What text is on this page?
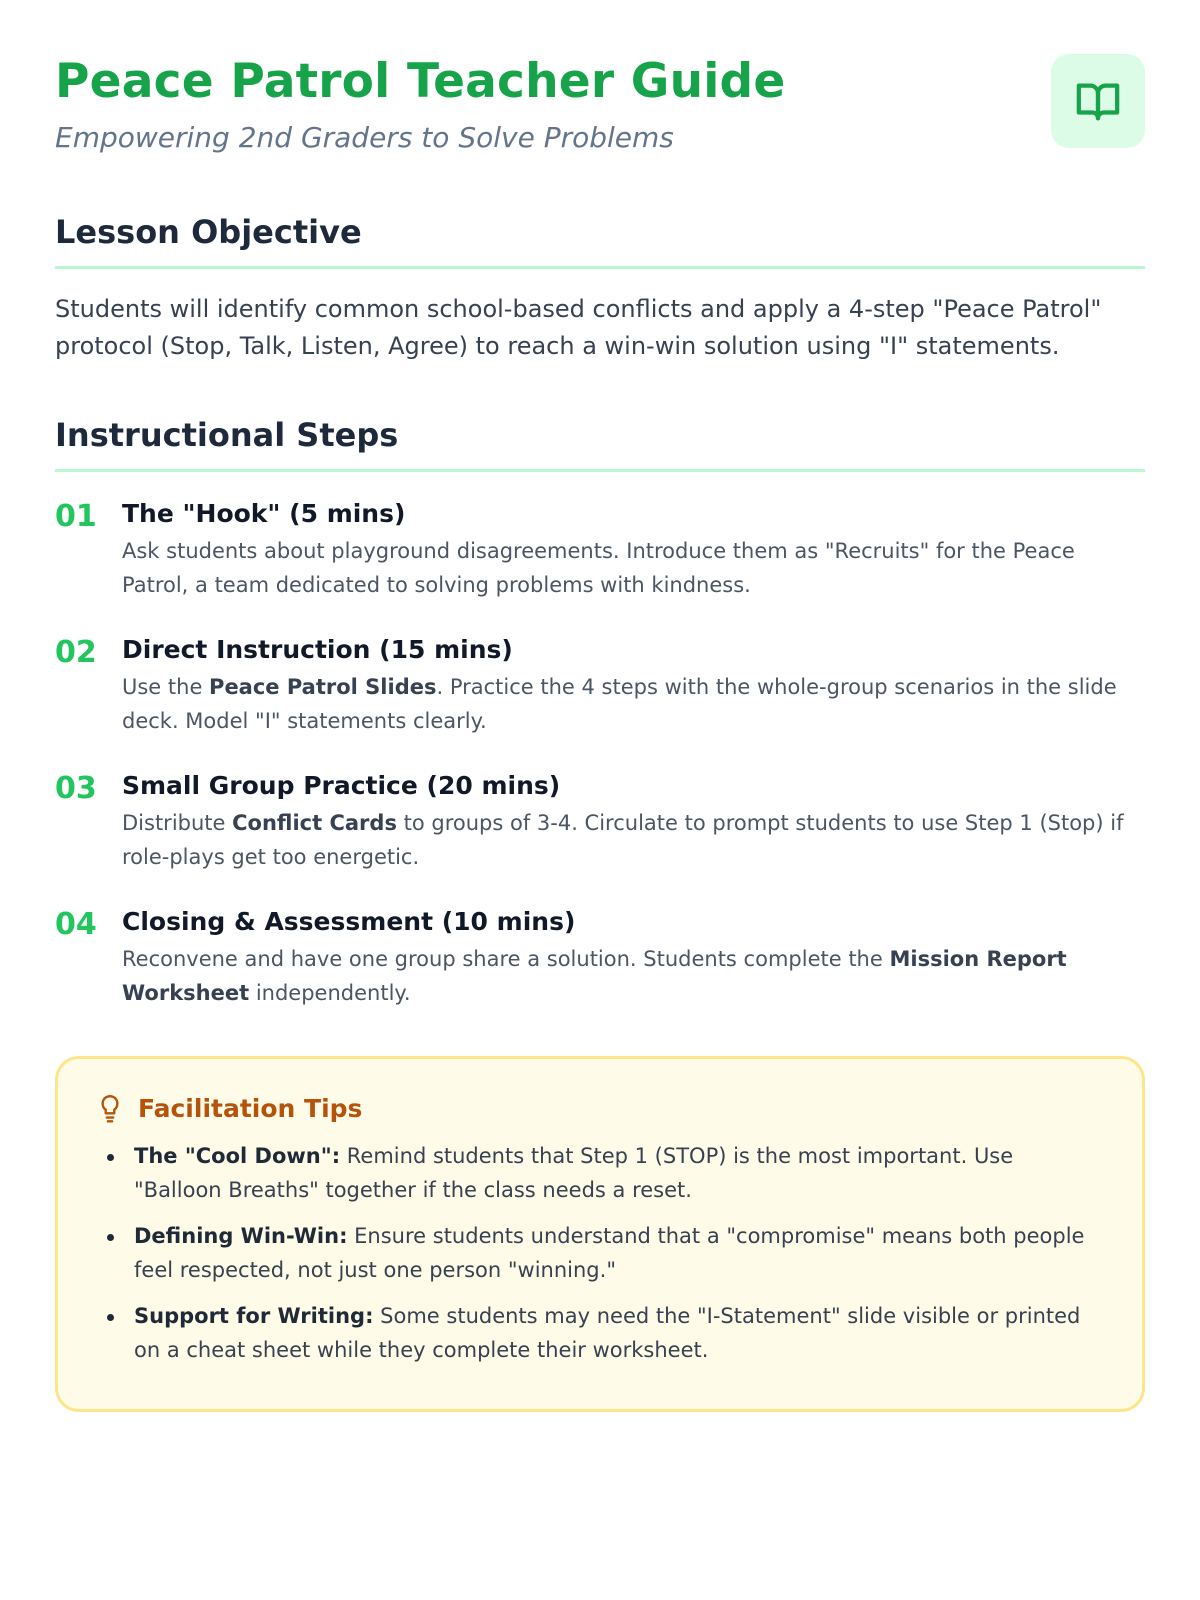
Peace Patrol Teacher Guide

Empowering 2nd Graders to Solve Problems

Lesson Objective

Students will identify common school-based conflicts and apply a 4-step "Peace Patrol" protocol (Stop, Talk, Listen, Agree) to reach a win-win solution using "I" statements.

Instructional Steps
01	The "Hook" (5 mins)

Ask students about playground disagreements. Introduce them as "Recruits" for the Peace Patrol, a team dedicated to solving problems with kindness.

02	Direct Instruction (15 mins)

Use the Peace Patrol Slides. Practice the 4 steps with the whole-group scenarios in the slide deck. Model "I" statements clearly.

03	Small Group Practice (20 mins)

Distribute Conflict Cards to groups of 3-4. Circulate to prompt students to use Step 1 (Stop) if role-plays get too energetic.

04	Closing & Assessment (10 mins)

Reconvene and have one group share a solution. Students complete the Mission Report Worksheet independently.

Facilitation Tips
The "Cool Down": Remind students that Step 1 (STOP) is the most important. Use "Balloon Breaths" together if the class needs a reset.
Defining Win-Win: Ensure students understand that a "compromise" means both people feel respected, not just one person "winning."
Support for Writing: Some students may need the "I-Statement" slide visible or printed on a cheat sheet while they complete their worksheet.
